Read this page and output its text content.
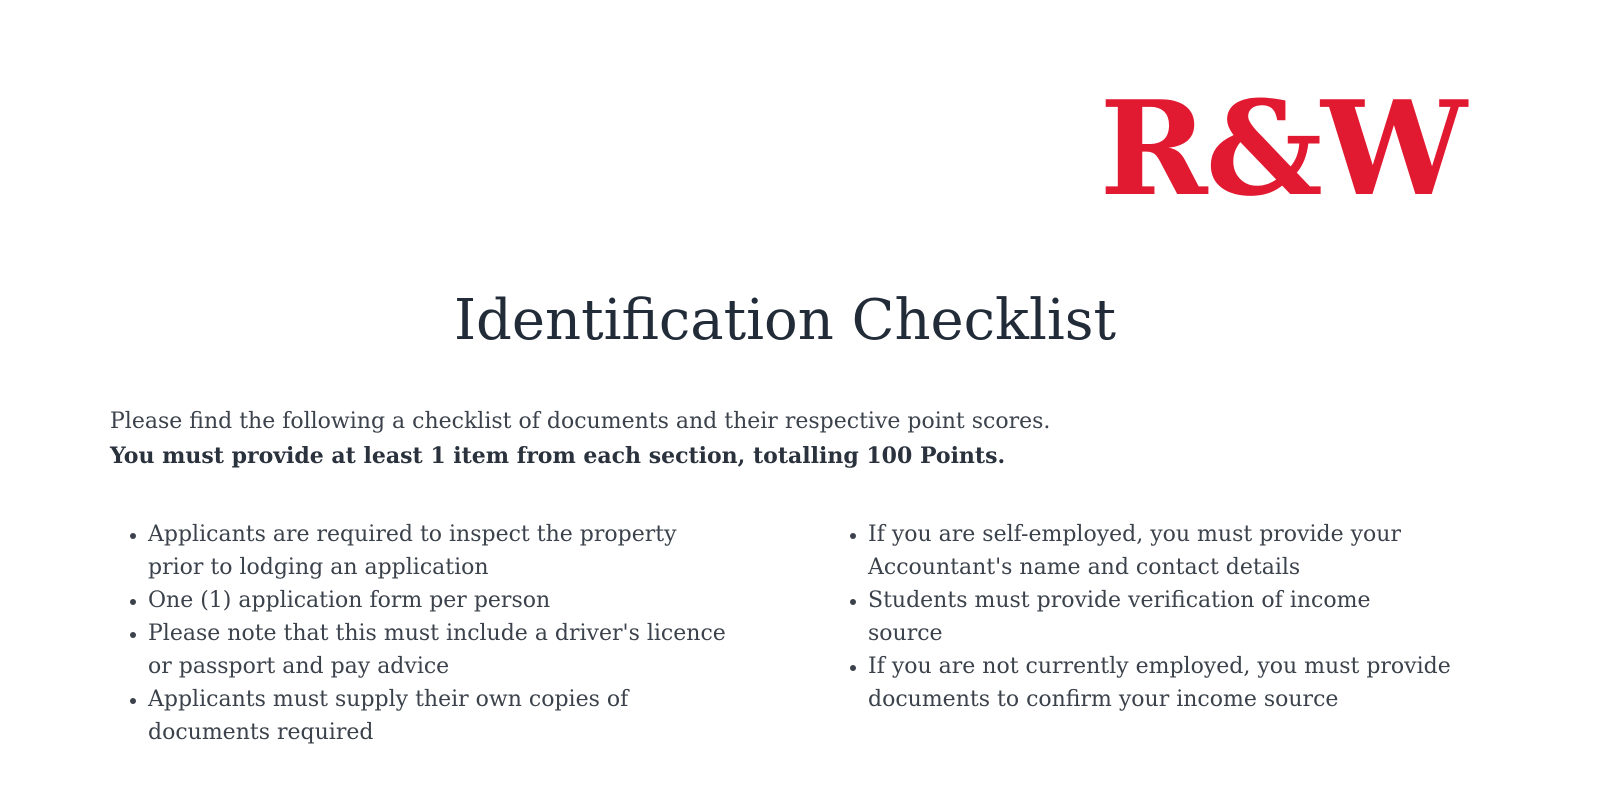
R&W
Identification Checklist

Please find the following a checklist of documents and their respective point scores.

You must provide at least 1 item from each section, totalling 100 Points.

• Applicants are required to inspect the property
prior to lodging an application
• One (1) application form per person
• Please note that this must include a driver's licence
or passport and pay advice
• Applicants must supply their own copies of
documents required
• If you are self-employed, you must provide your
Accountant's name and contact details
• Students must provide verification of income
source
• If you are not currently employed, you must provide
documents to confirm your income source
